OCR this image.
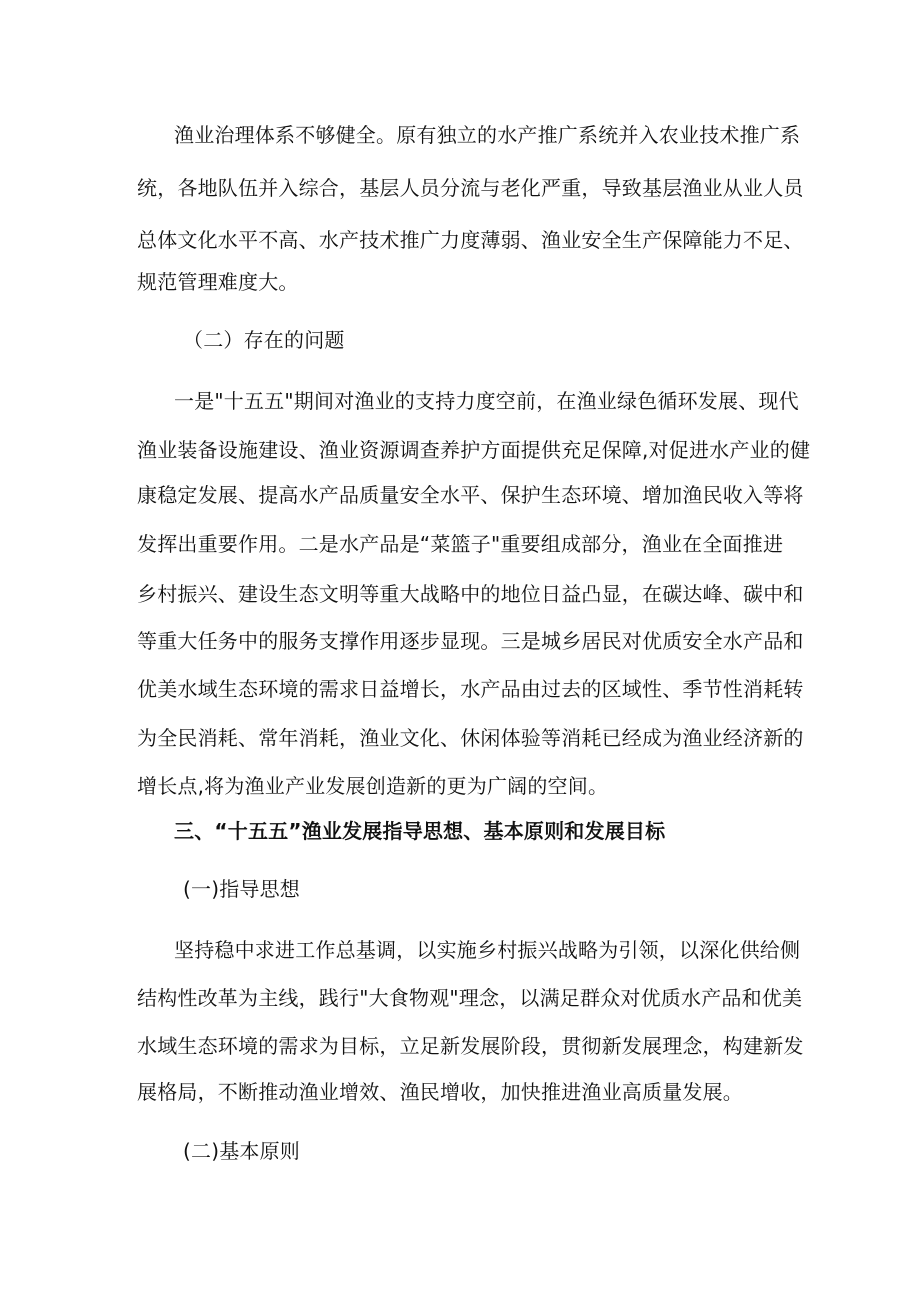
渔业治理体系不够健全。原有独立的水产推广系统并入农业技术推广系
统，各地队伍并入综合，基层人员分流与老化严重，导致基层渔业从业人员
总体文化水平不高、水产技术推广力度薄弱、渔业安全生产保障能力不足、
规范管理难度大。
（二）存在的问题
一是"十五五"期间对渔业的支持力度空前，在渔业绿色循环发展、现代
渔业装备设施建设、渔业资源调查养护方面提供充足保障,对促进水产业的健
康稳定发展、提高水产品质量安全水平、保护生态环境、增加渔民收入等将
发挥出重要作用。二是水产品是“菜篮子"重要组成部分，渔业在全面推进
乡村振兴、建设生态文明等重大战略中的地位日益凸显，在碳达峰、碳中和
等重大任务中的服务支撑作用逐步显现。三是城乡居民对优质安全水产品和
优美水域生态环境的需求日益增长，水产品由过去的区域性、季节性消耗转
为全民消耗、常年消耗，渔业文化、休闲体验等消耗已经成为渔业经济新的
增长点,将为渔业产业发展创造新的更为广阔的空间。
三、“十五五”渔业发展指导思想、基本原则和发展目标
(一)指导思想
坚持稳中求进工作总基调，以实施乡村振兴战略为引领，以深化供给侧
结构性改革为主线，践行"大食物观"理念，以满足群众对优质水产品和优美
水域生态环境的需求为目标，立足新发展阶段，贯彻新发展理念，构建新发
展格局，不断推动渔业增效、渔民增收，加快推进渔业高质量发展。
(二)基本原则
